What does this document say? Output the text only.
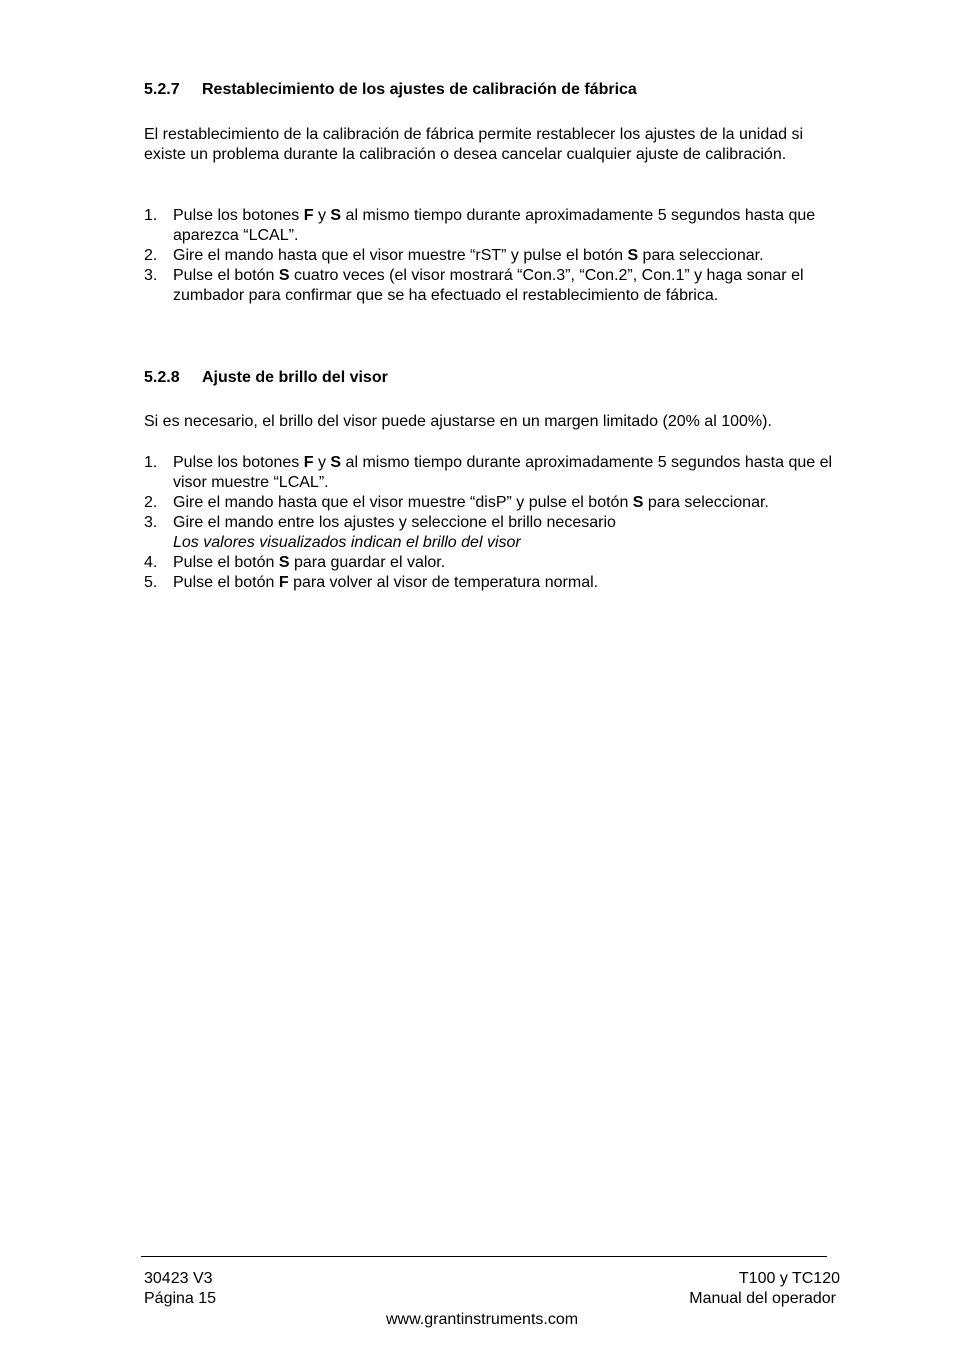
5.2.7 Restablecimiento de los ajustes de calibración de fábrica
El restablecimiento de la calibración de fábrica permite restablecer los ajustes de la unidad si existe un problema durante la calibración o desea cancelar cualquier ajuste de calibración.
1. Pulse los botones F y S al mismo tiempo durante aproximadamente 5 segundos hasta que aparezca “LCAL”.
2. Gire el mando hasta que el visor muestre “rST” y pulse el botón S para seleccionar.
3. Pulse el botón S cuatro veces (el visor mostrará “Con.3”, “Con.2”, Con.1” y haga sonar el zumbador para confirmar que se ha efectuado el restablecimiento de fábrica.
5.2.8 Ajuste de brillo del visor
Si es necesario, el brillo del visor puede ajustarse en un margen limitado (20% al 100%).
1. Pulse los botones F y S al mismo tiempo durante aproximadamente 5 segundos hasta que el visor muestre “LCAL”.
2. Gire el mando hasta que el visor muestre “disP” y pulse el botón S para seleccionar.
3. Gire el mando entre los ajustes y seleccione el brillo necesario
Los valores visualizados indican el brillo del visor
4. Pulse el botón S para guardar el valor.
5. Pulse el botón F para volver al visor de temperatura normal.
30423 V3
Página 15
T100 y TC120
Manual del operador
www.grantinstruments.com
